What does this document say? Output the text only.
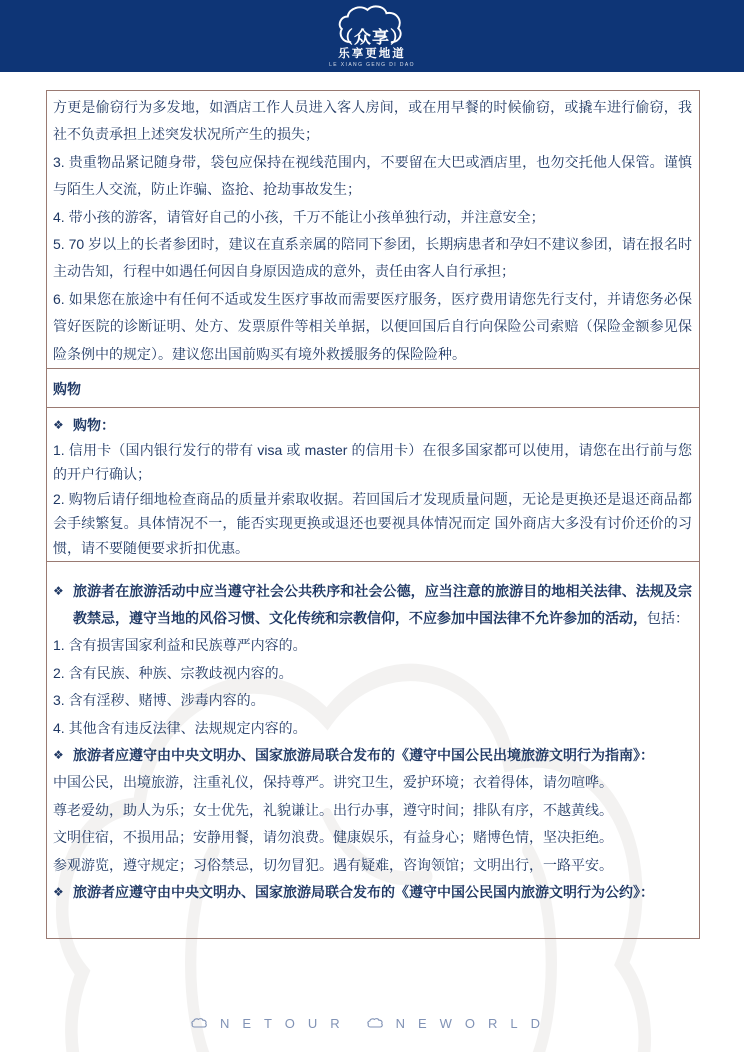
（众享）
乐享更地道
LE XIANG GENG DI DAO

方更是偷窃行为多发地，如酒店工作人员进入客人房间，或在用早餐的时候偷窃，或撬车进行偷窃，我社不负责承担上述突发状况所产生的损失；

3. 贵重物品紧记随身带，袋包应保持在视线范围内，不要留在大巴或酒店里，也勿交托他人保管。谨慎与陌生人交流，防止诈骗、盗抢、抢劫事故发生；

4. 带小孩的游客，请管好自己的小孩，千万不能让小孩单独行动，并注意安全；

5. 70 岁以上的长者参团时，建议在直系亲属的陪同下参团，长期病患者和孕妇不建议参团，请在报名时主动告知，行程中如遇任何因自身原因造成的意外，责任由客人自行承担；

6. 如果您在旅途中有任何不适或发生医疗事故而需要医疗服务，医疗费用请您先行支付，并请您务必保管好医院的诊断证明、处方、发票原件等相关单据，以便回国后自行向保险公司索赔（保险金额参见保险条例中的规定）。建议您出国前购买有境外救援服务的保险险种。

购物

❖ 购物：

1. 信用卡（国内银行发行的带有 visa 或 master 的信用卡）在很多国家都可以使用，请您在出行前与您的开户行确认；

2. 购物后请仔细地检查商品的质量并索取收据。若回国后才发现质量问题，无论是更换还是退还商品都会手续繁复。具体情况不一，能否实现更换或退还也要视具体情况而定 国外商店大多没有讨价还价的习惯，请不要随便要求折扣优惠。

❖ 旅游者在旅游活动中应当遵守社会公共秩序和社会公德，应当注意的旅游目的地相关法律、法规及宗教禁忌，遵守当地的风俗习惯、文化传统和宗教信仰，不应参加中国法律不允许参加的活动，包括：

1. 含有损害国家利益和民族尊严内容的。

2. 含有民族、种族、宗教歧视内容的。

3. 含有淫秽、赌博、涉毒内容的。

4. 其他含有违反法律、法规规定内容的。

❖ 旅游者应遵守由中央文明办、国家旅游局联合发布的《遵守中国公民出境旅游文明行为指南》：

中国公民，出境旅游，注重礼仪，保持尊严。讲究卫生，爱护环境；衣着得体，请勿喧哗。

尊老爱幼，助人为乐；女士优先，礼貌谦让。出行办事，遵守时间；排队有序，不越黄线。

文明住宿，不损用品；安静用餐，请勿浪费。健康娱乐，有益身心；赌博色情，坚决拒绝。

参观游览，遵守规定；习俗禁忌，切勿冒犯。遇有疑难，咨询领馆；文明出行，一路平安。

❖ 旅游者应遵守由中央文明办、国家旅游局联合发布的《遵守中国公民国内旅游文明行为公约》：

NETOUR	NEWORLD
